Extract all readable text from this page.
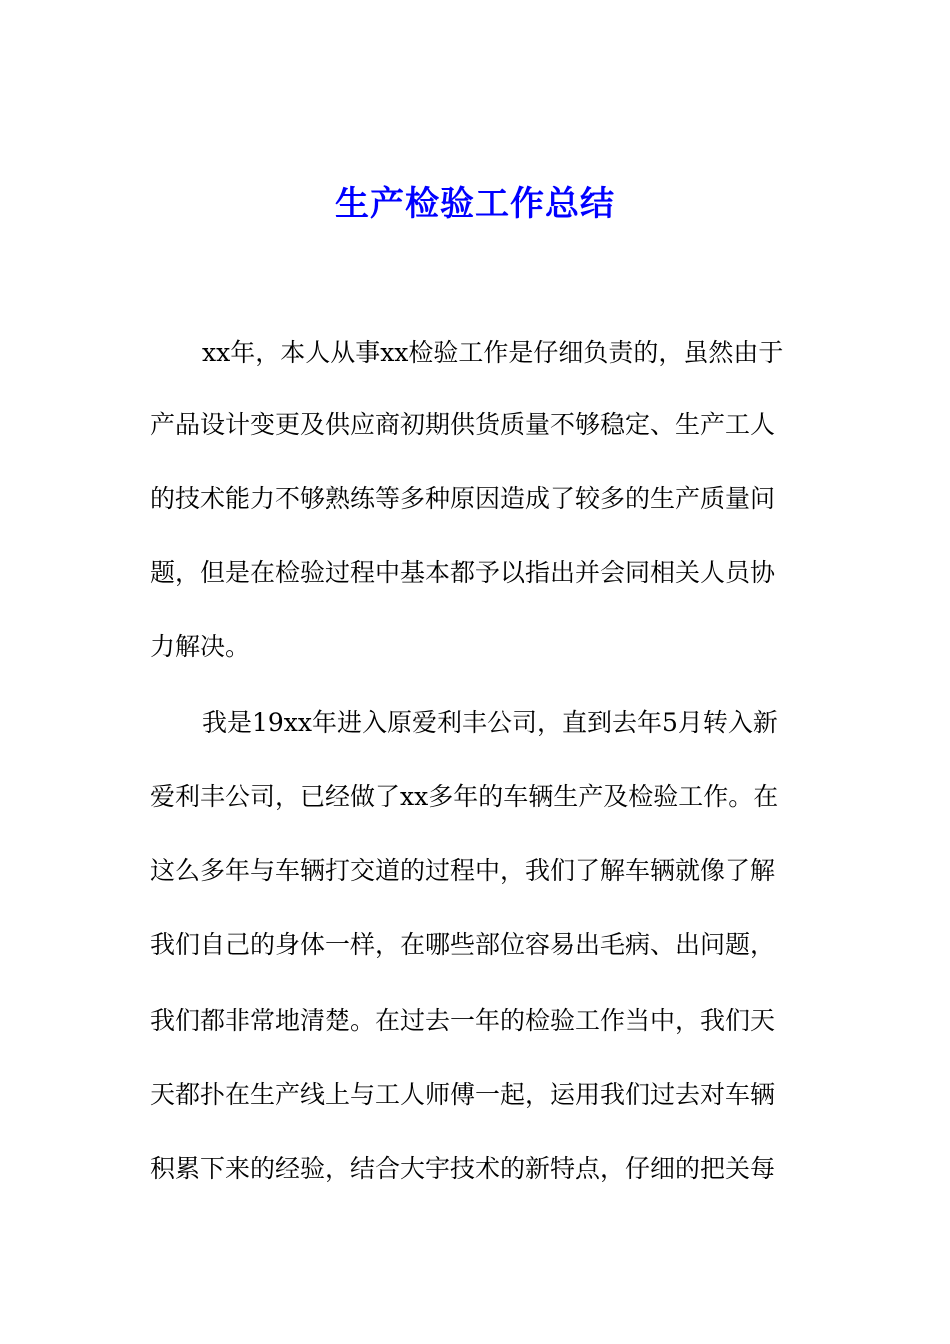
生产检验工作总结
xx年，本人从事xx检验工作是仔细负责的，虽然由于
产品设计变更及供应商初期供货质量不够稳定、生产工人
的技术能力不够熟练等多种原因造成了较多的生产质量问
题，但是在检验过程中基本都予以指出并会同相关人员协
力解决。
我是19xx年进入原爱利丰公司，直到去年5月转入新
爱利丰公司，已经做了xx多年的车辆生产及检验工作。在
这么多年与车辆打交道的过程中，我们了解车辆就像了解
我们自己的身体一样，在哪些部位容易出毛病、出问题，
我们都非常地清楚。在过去一年的检验工作当中，我们天
天都扑在生产线上与工人师傅一起，运用我们过去对车辆
积累下来的经验，结合大宇技术的新特点，仔细的把关每
